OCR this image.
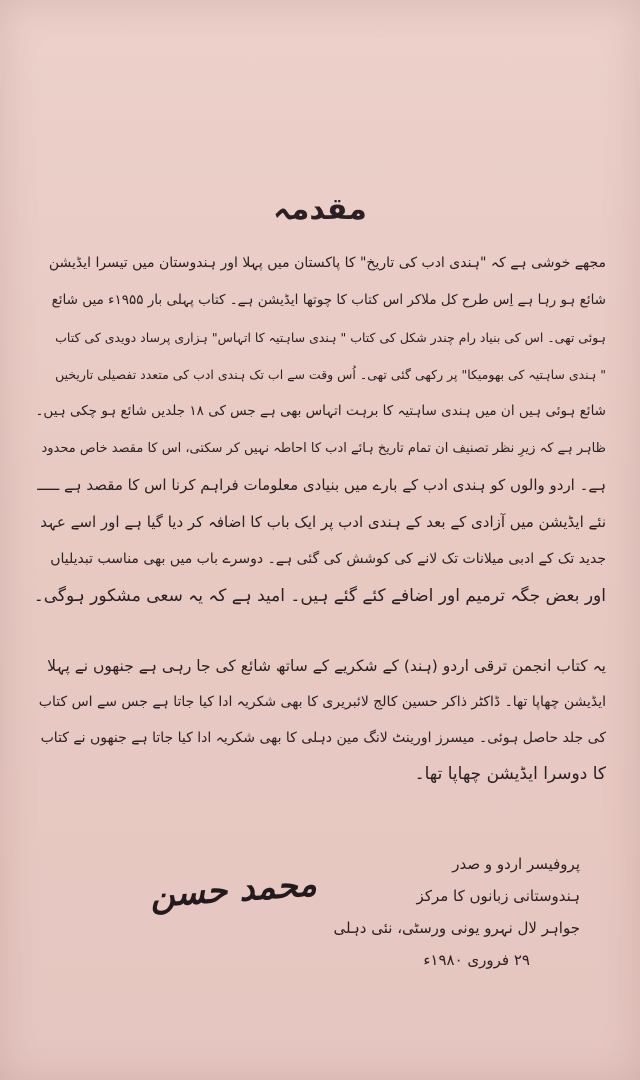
مقدمہ
مجھے خوشی ہے کہ "ہندی ادب کی تاریخ" کا پاکستان میں پہلا اور ہندوستان میں تیسرا ایڈیشن
شائع ہو رہا ہے اِس طرح کل ملاکر اس کتاب کا چوتھا ایڈیشن ہے۔ کتاب پہلی بار ۱۹۵۵ء میں شائع
ہوئی تھی۔ اس کی بنیاد رام چندر شکل کی کتاب " ہندی ساہتیہ کا اتہاس" ہزاری پرساد دویدی کی کتاب
" ہندی ساہتیہ کی بھومیکا" پر رکھی گئی تھی۔ اُس وقت سے اب تک ہندی ادب کی متعدد تفصیلی تاریخیں
شائع ہوئی ہیں ان میں ہندی ساہتیہ کا برہت اتہاس بھی ہے جس کی ۱۸ جلدیں شائع ہو چکی ہیں۔
ظاہر ہے کہ زیرِ نظر تصنیف ان تمام تاریخ ہائے ادب کا احاطہ نہیں کر سکتی، اس کا مقصد خاص محدود
ہے۔ اردو والوں کو ہندی ادب کے بارے میں بنیادی معلومات فراہم کرنا اس کا مقصد ہے ـــــ
نئے ایڈیشن میں آزادی کے بعد کے ہندی ادب پر ایک باب کا اضافہ کر دیا گیا ہے اور اسے عہد
جدید تک کے ادبی میلانات تک لانے کی کوشش کی گئی ہے۔ دوسرے باب میں بھی مناسب تبدیلیاں
اور بعض جگہ ترمیم اور اضافے کئے گئے ہیں۔ امید ہے کہ یہ سعی مشکور ہوگی۔
یہ کتاب انجمن ترقی اردو (ہند) کے شکریے کے ساتھ شائع کی جا رہی ہے جنھوں نے پہلا
ایڈیشن چھاپا تھا۔ ڈاکٹر ذاکر حسین کالج لائبریری کا بھی شکریہ ادا کیا جاتا ہے جس سے اس کتاب
کی جلد حاصل ہوئی۔ میسرز اورینٹ لانگ مین دہلی کا بھی شکریہ ادا کیا جاتا ہے جنھوں نے کتاب
کا دوسرا ایڈیشن چھاپا تھا۔
محمد حسن
پروفیسر اردو و صدر
ہندوستانی زبانوں کا مرکز
جواہر لال نہرو یونی ورسٹی، نئی دہلی
۲۹ فروری ۱۹۸۰ء
